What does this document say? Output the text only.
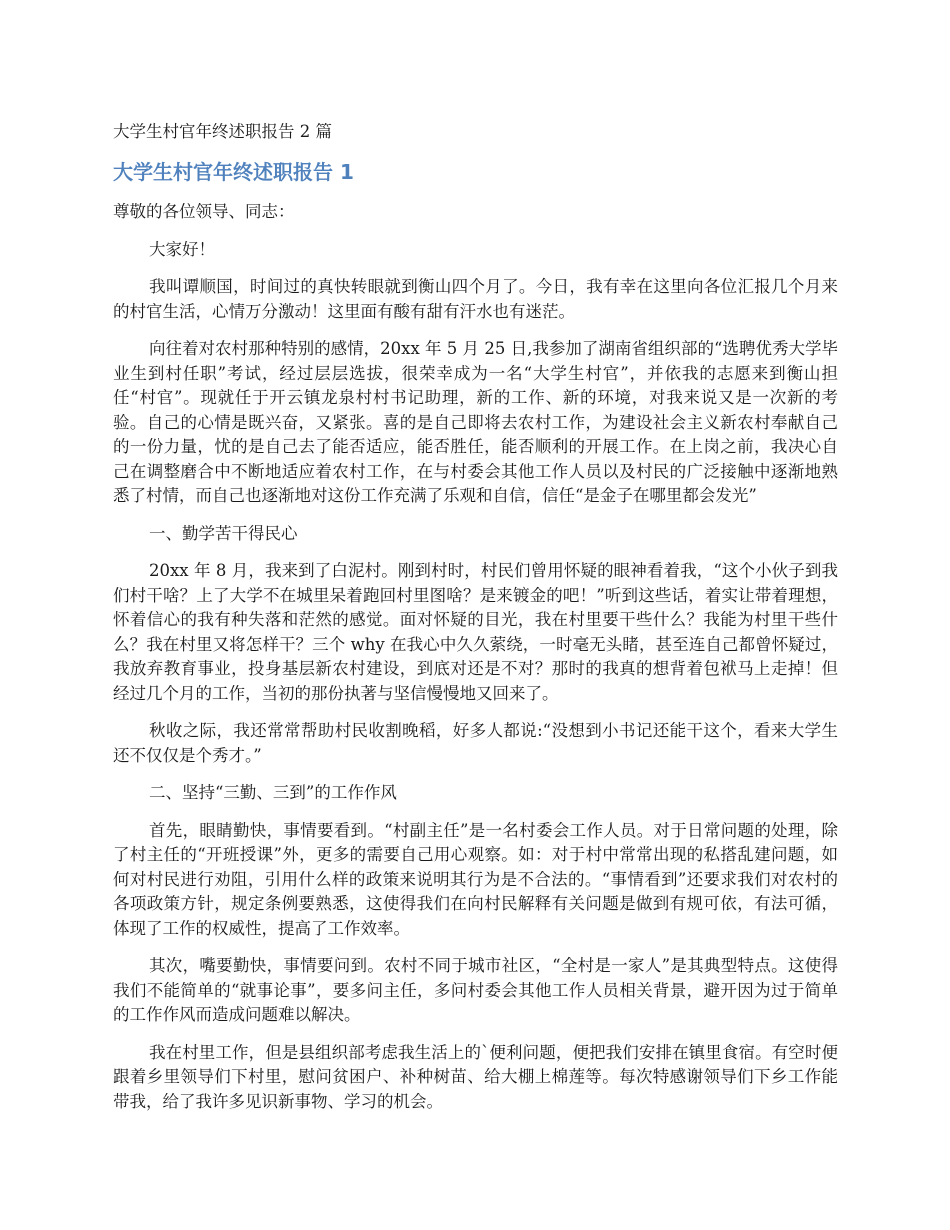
大学生村官年终述职报告 2 篇
大学生村官年终述职报告 1

尊敬的各位领导、同志：

大家好！

我叫谭顺国，时间过的真快转眼就到衡山四个月了。今日，我有幸在这里向各位汇报几个月来的村官生活，心情万分激动！这里面有酸有甜有汗水也有迷茫。

向往着对农村那种特别的感情，20xx 年 5 月 25 日,我参加了湖南省组织部的“选聘优秀大学毕业生到村任职”考试，经过层层选拔，很荣幸成为一名“大学生村官”，并依我的志愿来到衡山担任“村官”。现就任于开云镇龙泉村村书记助理，新的工作、新的环境，对我来说又是一次新的考验。自己的心情是既兴奋，又紧张。喜的是自己即将去农村工作，为建设社会主义新农村奉献自己的一份力量，忧的是自己去了能否适应，能否胜任，能否顺利的开展工作。在上岗之前，我决心自己在调整磨合中不断地适应着农村工作，在与村委会其他工作人员以及村民的广泛接触中逐渐地熟悉了村情，而自己也逐渐地对这份工作充满了乐观和自信，信任“是金子在哪里都会发光”

一、勤学苦干得民心

20xx 年 8 月，我来到了白泥村。刚到村时，村民们曾用怀疑的眼神看着我，“这个小伙子到我们村干啥？上了大学不在城里呆着跑回村里图啥？是来镀金的吧！”听到这些话，着实让带着理想，怀着信心的我有种失落和茫然的感觉。面对怀疑的目光，我在村里要干些什么？我能为村里干些什么？我在村里又将怎样干？三个 why 在我心中久久萦绕，一时毫无头睹，甚至连自己都曾怀疑过，我放弃教育事业，投身基层新农村建设，到底对还是不对？那时的我真的想背着包袱马上走掉！但经过几个月的工作，当初的那份执著与坚信慢慢地又回来了。

秋收之际，我还常常帮助村民收割晚稻，好多人都说:“没想到小书记还能干这个，看来大学生还不仅仅是个秀才。”

二、坚持“三勤、三到”的工作作风

首先，眼睛勤快，事情要看到。“村副主任”是一名村委会工作人员。对于日常问题的处理，除了村主任的“开班授课”外，更多的需要自己用心观察。如：对于村中常常出现的私搭乱建问题，如何对村民进行劝阻，引用什么样的政策来说明其行为是不合法的。“事情看到”还要求我们对农村的各项政策方针，规定条例要熟悉，这使得我们在向村民解释有关问题是做到有规可依，有法可循，体现了工作的权威性，提高了工作效率。

其次，嘴要勤快，事情要问到。农村不同于城市社区，“全村是一家人”是其典型特点。这使得我们不能简单的“就事论事”，要多问主任，多问村委会其他工作人员相关背景，避开因为过于简单的工作作风而造成问题难以解决。

我在村里工作，但是县组织部考虑我生活上的`便利问题，便把我们安排在镇里食宿。有空时便跟着乡里领导们下村里，慰问贫困户、补种树苗、给大棚上棉莲等。每次特感谢领导们下乡工作能带我，给了我许多见识新事物、学习的机会。
